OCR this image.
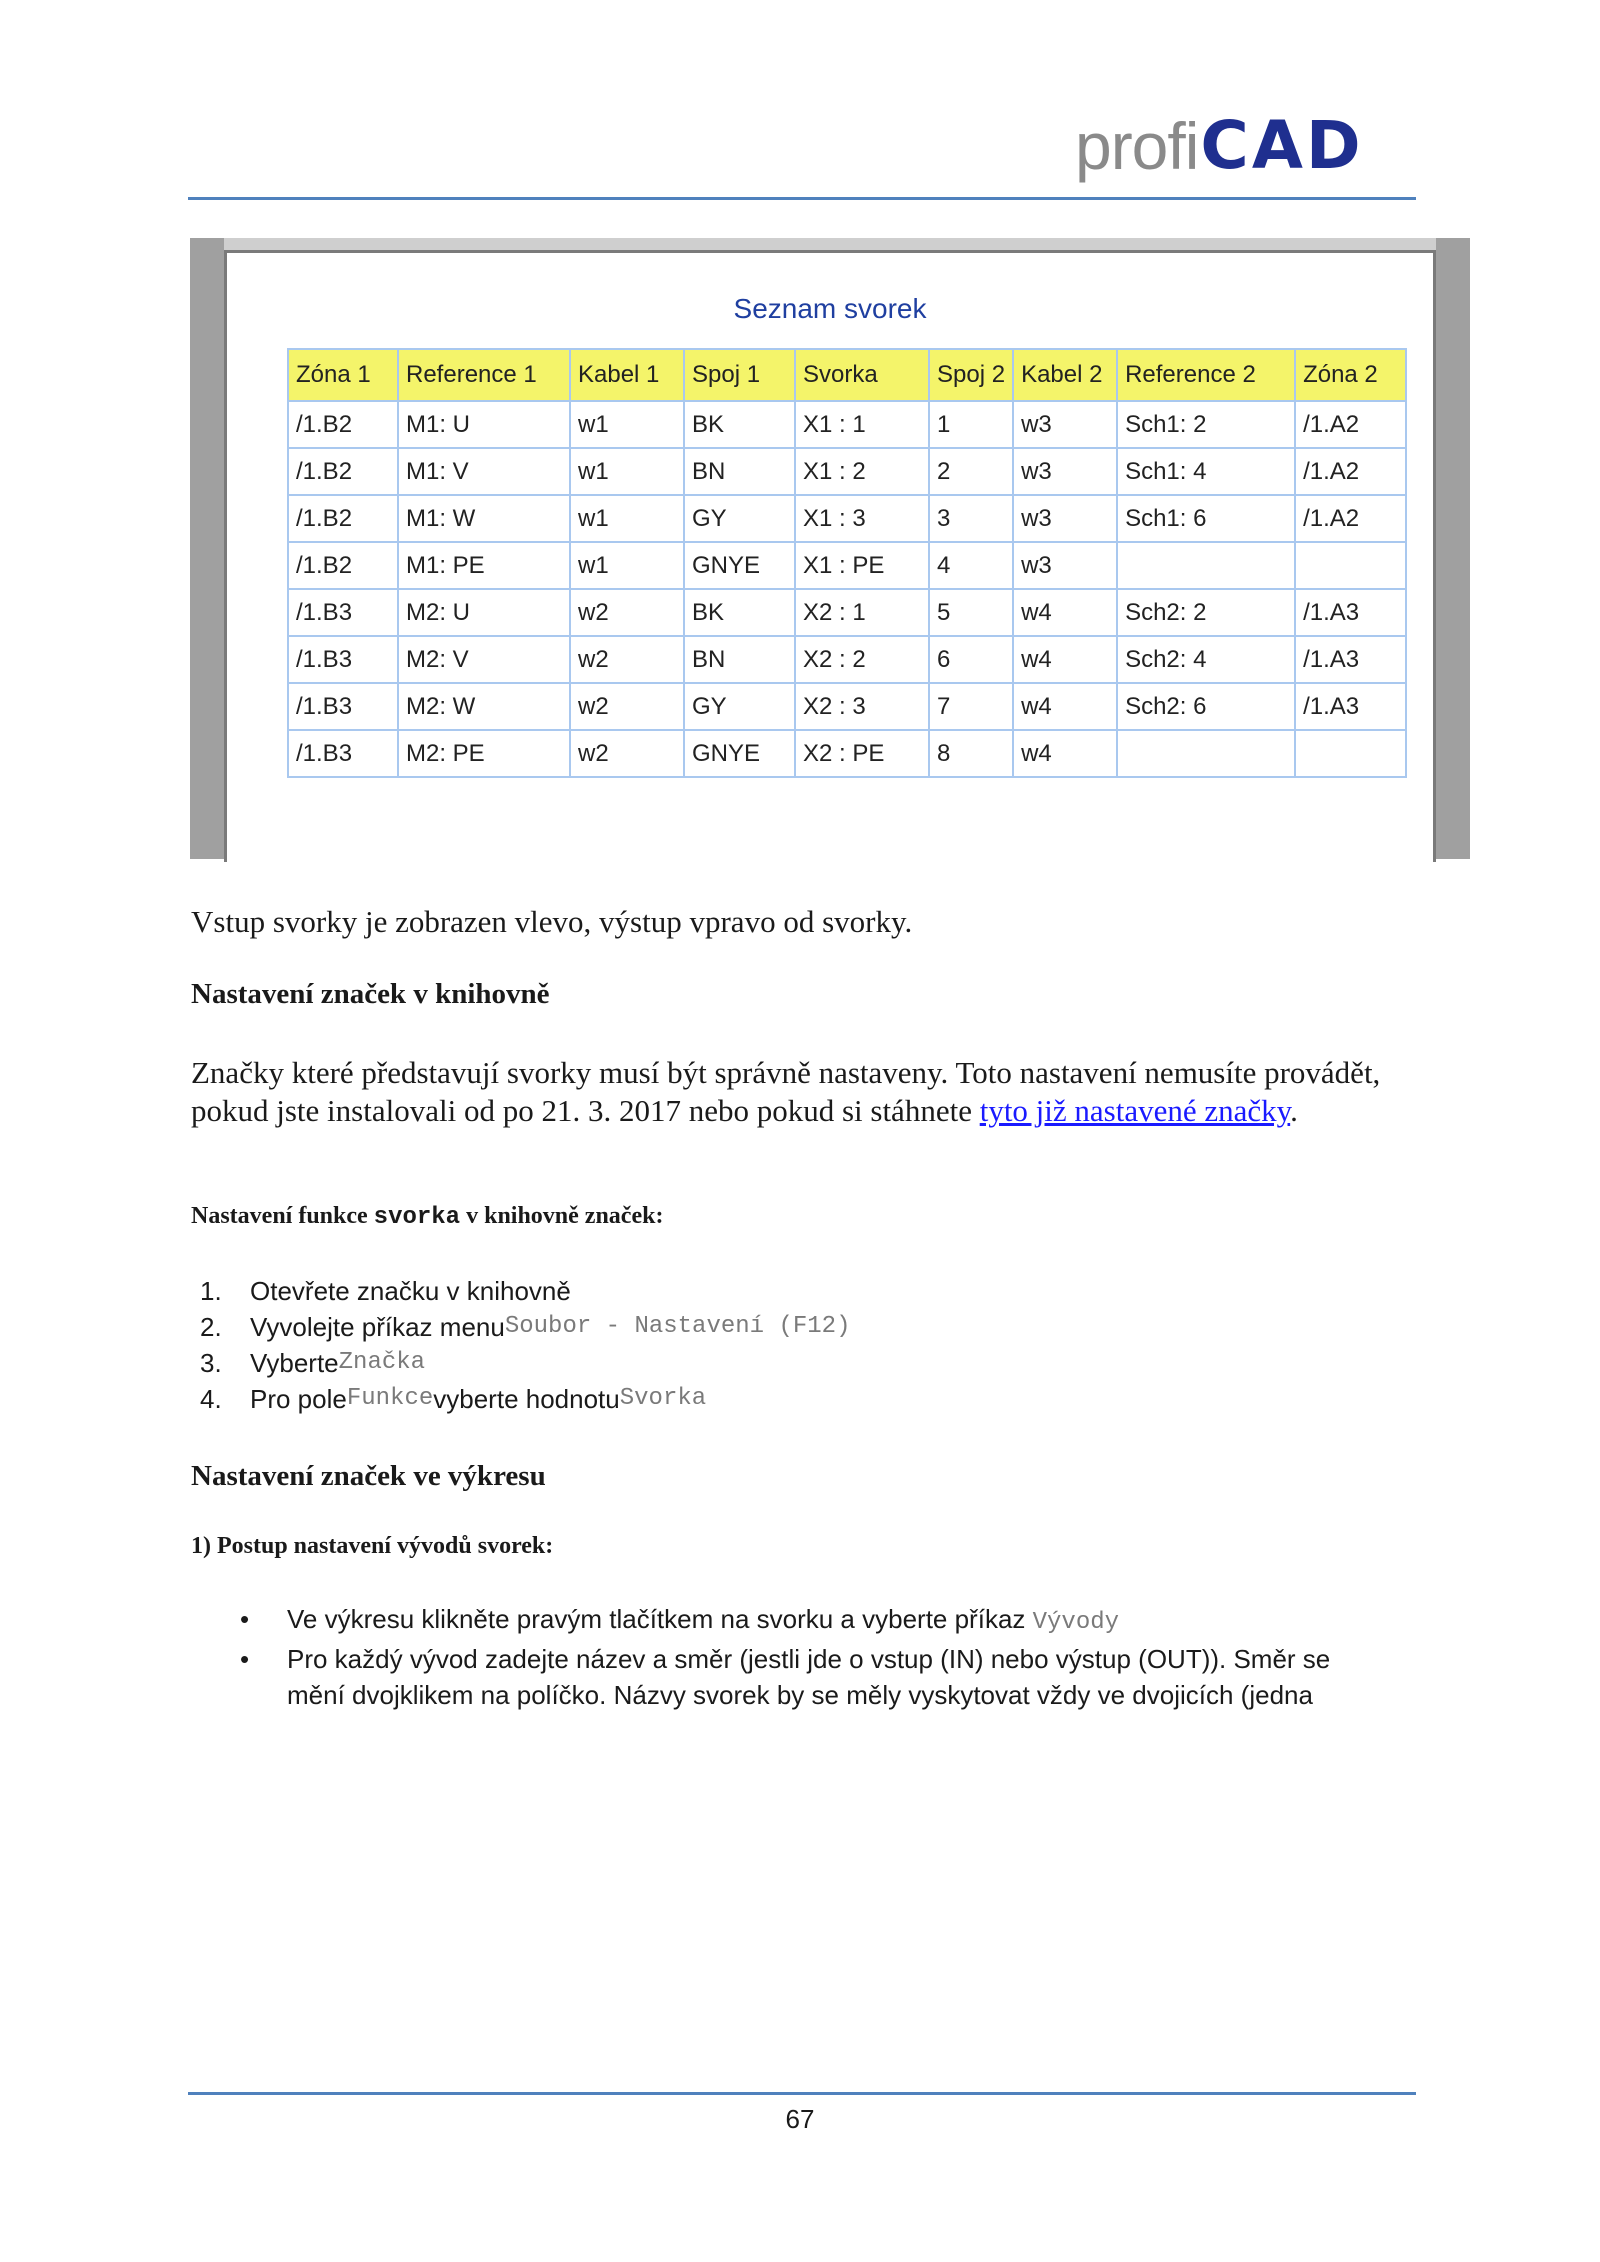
profi CAD
Seznam svorek
Zóna 1	Reference 1	Kabel 1	Spoj 1	Svorka	Spoj 2	Kabel 2	Reference 2	Zóna 2
/1.B2	M1: U	w1	BK	X1 : 1	1	w3	Sch1: 2	/1.A2
/1.B2	M1: V	w1	BN	X1 : 2	2	w3	Sch1: 4	/1.A2
/1.B2	M1: W	w1	GY	X1 : 3	3	w3	Sch1: 6	/1.A2
/1.B2	M1: PE	w1	GNYE	X1 : PE	4	w3		
/1.B3	M2: U	w2	BK	X2 : 1	5	w4	Sch2: 2	/1.A3
/1.B3	M2: V	w2	BN	X2 : 2	6	w4	Sch2: 4	/1.A3
/1.B3	M2: W	w2	GY	X2 : 3	7	w4	Sch2: 6	/1.A3
/1.B3	M2: PE	w2	GNYE	X2 : PE	8	w4		
Vstup svorky je zobrazen vlevo, výstup vpravo od svorky.
Nastavení značek v knihovně
Značky které představují svorky musí být správně nastaveny. Toto nastavení nemusíte provádět, pokud jste instalovali od po 21. 3. 2017 nebo pokud si stáhnete tyto již nastavené značky.
Nastavení funkce svorka v knihovně značek:
1.	Otevřete značku v knihovně
2.	Vyvolejte příkaz menu Soubor - Nastavení (F12)
3.	Vyberte Značka
4.	Pro pole Funkce vyberte hodnotu Svorka
Nastavení značek ve výkresu
1) Postup nastavení vývodů svorek:
•	Ve výkresu klikněte pravým tlačítkem na svorku a vyberte příkaz Vývody
•	Pro každý vývod zadejte název a směr (jestli jde o vstup (IN) nebo výstup (OUT)). Směr se mění dvojklikem na políčko. Názvy svorek by se měly vyskytovat vždy ve dvojicích (jedna
67
